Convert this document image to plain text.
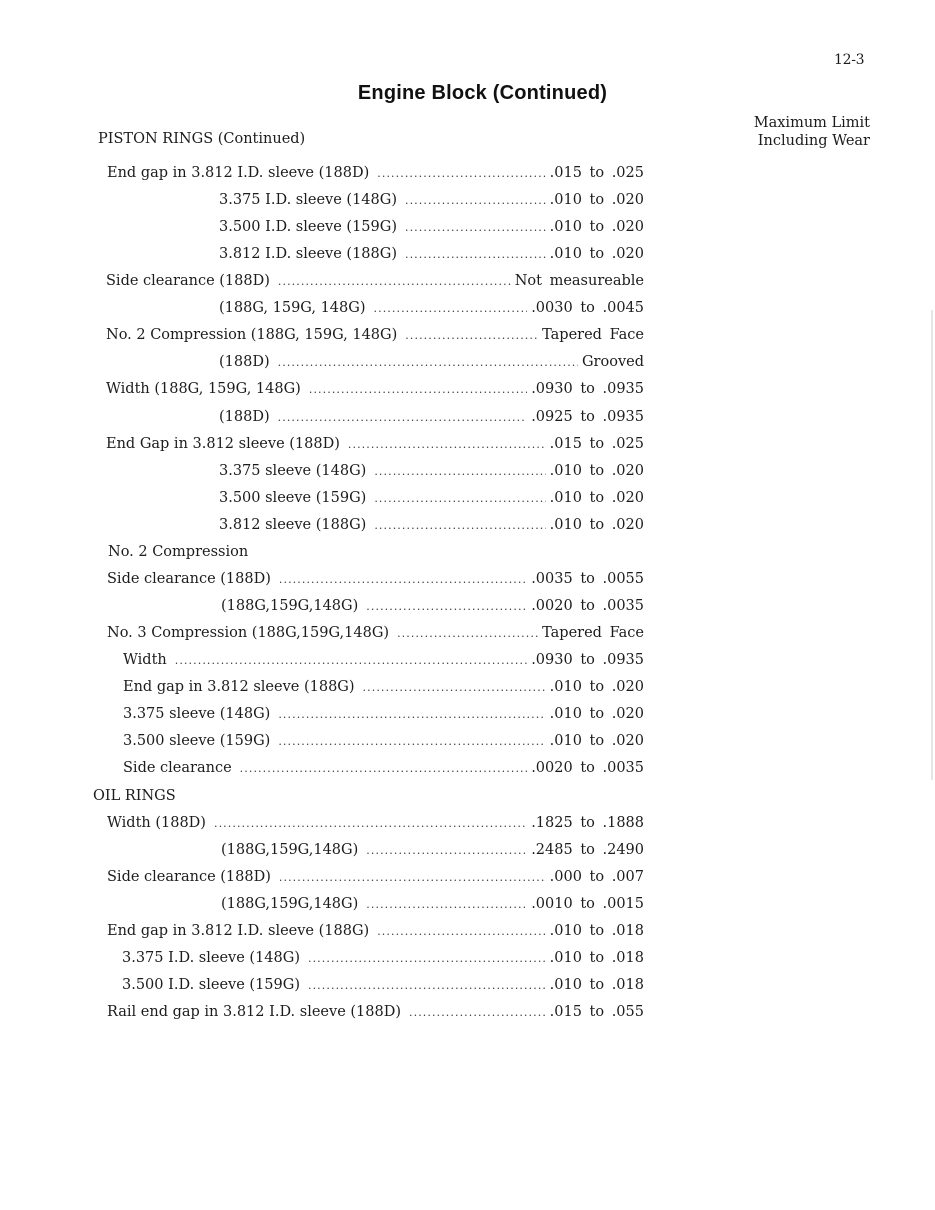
12-3
Engine Block (Continued)
Maximum Limit
Including Wear
PISTON RINGS (Continued)
End gap in 3.812 I.D. sleeve (188D) .....	.015 to .025
3.375 I.D. sleeve (148G) .....	.010 to .020
3.500 I.D. sleeve (159G) .....	.010 to .020
3.812 I.D. sleeve (188G) .....	.010 to .020
Side clearance (188D) .....	Not measureable
(188G, 159G, 148G) .....	.0030 to .0045
No. 2 Compression (188G, 159G, 148G) .....	Tapered Face
(188D) .....	Grooved
Width (188G, 159G, 148G) .....	.0930 to .0935
(188D) .....	.0925 to .0935
End Gap in 3.812 sleeve (188D) .....	.015 to .025
3.375 sleeve (148G) .....	.010 to .020
3.500 sleeve (159G) .....	.010 to .020
3.812 sleeve (188G) .....	.010 to .020
No. 2 Compression
Side clearance (188D) .....	.0035 to .0055
(188G,159G,148G) .....	.0020 to .0035
No. 3 Compression (188G,159G,148G) .....	Tapered Face
Width .....	.0930 to .0935
End gap in 3.812 sleeve (188G) .....	.010 to .020
3.375 sleeve (148G) .....	.010 to .020
3.500 sleeve (159G) .....	.010 to .020
Side clearance .....	.0020 to .0035
OIL RINGS
Width (188D) .....	.1825 to .1888
(188G,159G,148G) .....	.2485 to .2490
Side clearance (188D) .....	.000 to .007
(188G,159G,148G) .....	.0010 to .0015
End gap in 3.812 I.D. sleeve (188G) .....	.010 to .018
3.375 I.D. sleeve (148G) .....	.010 to .018
3.500 I.D. sleeve (159G) .....	.010 to .018
Rail end gap in 3.812 I.D. sleeve (188D) .....	.015 to .055
